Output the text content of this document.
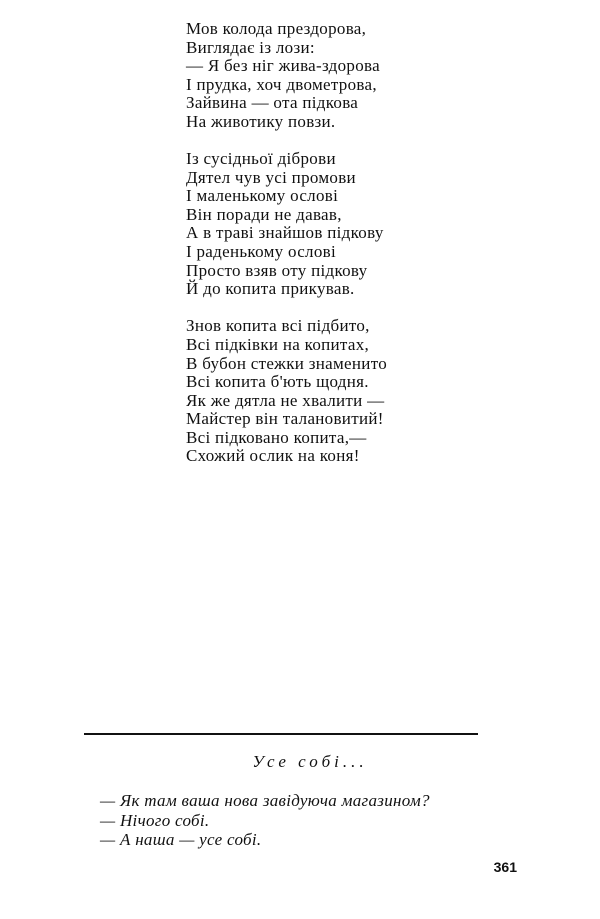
Мов колода прездорова,
Виглядає із лози:
— Я без ніг жива-здорова
І прудка, хоч двометрова,
Зайвина — ота підкова
На животику повзи.
Із сусідньої діброви
Дятел чув усі промови
І маленькому ослові
Він поради не давав,
А в траві знайшов підкову
І раденькому ослові
Просто взяв оту підкову
Й до копита прикував.
Знов копита всі підбито,
Всі підківки на копитах,
В бубон стежки знаменито
Всі копита б'ють щодня.
Як же дятла не хвалити —
Майстер він талановитий!
Всі підковано копита,—
Схожий ослик на коня!
Усе собі...
— Як там ваша нова завідуюча магазином?
— Нічого собі.
— А наша — усе собі.
361
